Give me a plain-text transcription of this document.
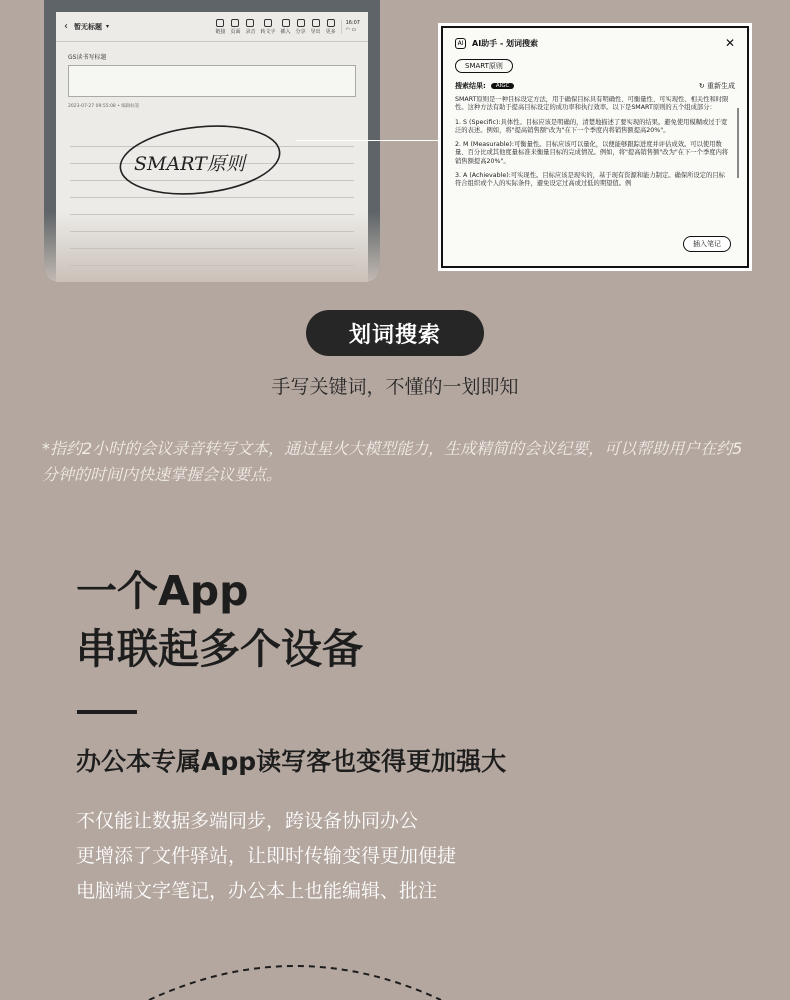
‹ 暂无标题 ▾
链接 页面 录音 转文字 插入 分享 导出 更多
16:07
◠ ▭
GS读书写标题
2023-07-27 09:55:08 • 编辑标签
SMART原则
AI	AI助手 - 划词搜索	✕
SMART原则
搜索结果:	AIGC	↻ 重新生成

SMART原则是一种目标设定方法，用于确保目标具有明确性、可衡量性、可实现性、相关性和时限性。这种方法有助于提高目标设定的成功率和执行效率。以下是SMART原则的五个组成部分：

1. S (Specific):具体性。目标应该是明确的，清楚地描述了要实现的结果。避免使用模糊或过于宽泛的表述。例如，将"提高销售额"改为"在下一个季度内将销售额提高20%"。

2. M (Measurable):可衡量性。目标应该可以量化，以便能够跟踪进度并评估成效。可以使用数量、百分比或其他度量标准来衡量目标的完成情况。例如，将"提高销售额"改为"在下一个季度内将销售额提高20%"。

3. A (Achievable):可实现性。目标应该是现实的，基于现有资源和能力制定。确保所设定的目标符合组织或个人的实际条件，避免设定过高或过低的期望值。例

插入笔记
划词搜索
手写关键词，不懂的一划即知
*指约2小时的会议录音转写文本，通过星火大模型能力，生成精简的会议纪要，可以帮助用户在约5分钟的时间内快速掌握会议要点。
一个App
串联起多个设备
办公本专属App读写客也变得更加强大
不仅能让数据多端同步，跨设备协同办公
更增添了文件驿站，让即时传输变得更加便捷
电脑端文字笔记，办公本上也能编辑、批注
